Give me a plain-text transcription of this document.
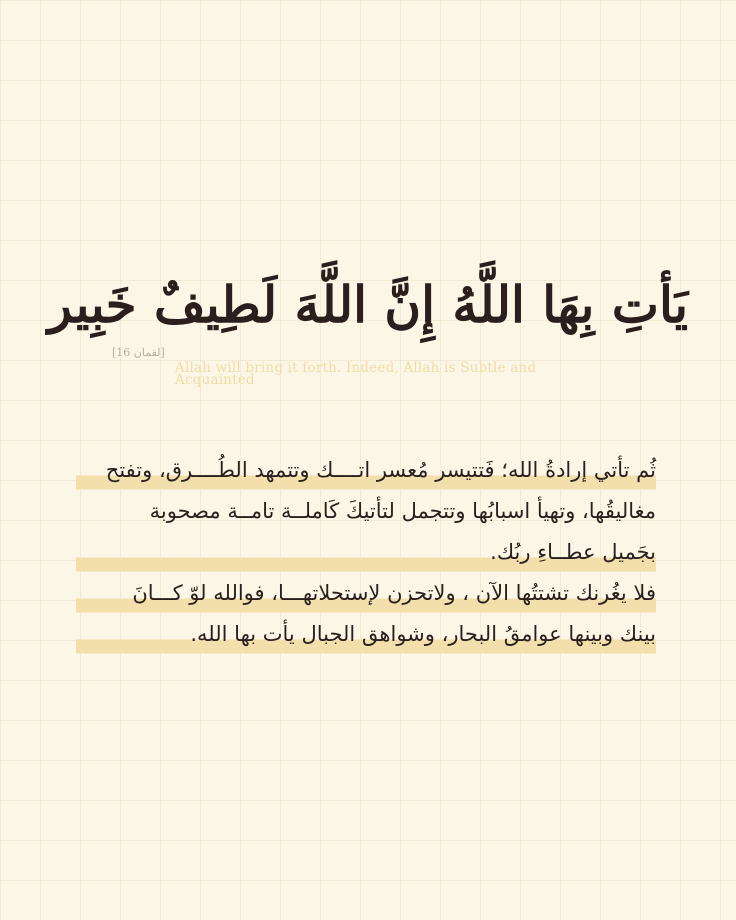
يَأتِ بِهَا اللَّهُ إِنَّ اللَّهَ لَطِيفٌ خَبِير
[لقمان 16]
Allah will bring it forth. Indeed, Allah is Subtle and Acquainted
ثُم تأتي إرادةُ الله؛ فَتتيسر مُعسر اتــــك وتتمهد الطُــــرق، وتفتح
مغاليقُها، وتهيأ اسبابُها وتتجمل لتأتيكَ كَاملــة تامــة مصحوبة
بجَميل عطــاءِ ربُك.
فلا يغُرنك تشتتُها الآن ، ولاتحزن لإستحلاتهـــا، فوالله لوّ كـــانَ
بينك وبينها عوامقُ البحار، وشواهق الجبال يأت بها الله.
